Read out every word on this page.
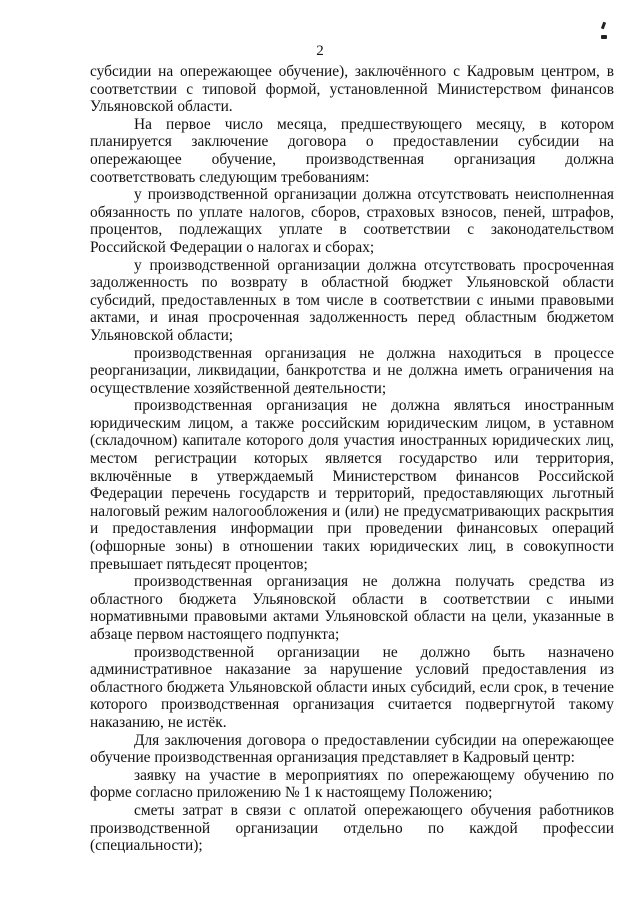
2

субсидии на опережающее обучение), заключённого с Кадровым центром, в соответствии с типовой формой, установленной Министерством финансов Ульяновской области.

На первое число месяца, предшествующего месяцу, в котором планируется заключение договора о предоставлении субсидии на опережающее обучение, производственная организация должна соответствовать следующим требованиям:

у производственной организации должна отсутствовать неисполненная обязанность по уплате налогов, сборов, страховых взносов, пеней, штрафов, процентов, подлежащих уплате в соответствии с законодательством Российской Федерации о налогах и сборах;

у производственной организации должна отсутствовать просроченная задолженность по возврату в областной бюджет Ульяновской области субсидий, предоставленных в том числе в соответствии с иными правовыми актами, и иная просроченная задолженность перед областным бюджетом Ульяновской области;

производственная организация не должна находиться в процессе реорганизации, ликвидации, банкротства и не должна иметь ограничения на осуществление хозяйственной деятельности;

производственная организация не должна являться иностранным юридическим лицом, а также российским юридическим лицом, в уставном (складочном) капитале которого доля участия иностранных юридических лиц, местом регистрации которых является государство или территория, включённые в утверждаемый Министерством финансов Российской Федерации перечень государств и территорий, предоставляющих льготный налоговый режим налогообложения и (или) не предусматривающих раскрытия и предоставления информации при проведении финансовых операций (офшорные зоны) в отношении таких юридических лиц, в совокупности превышает пятьдесят процентов;

производственная организация не должна получать средства из областного бюджета Ульяновской области в соответствии с иными нормативными правовыми актами Ульяновской области на цели, указанные в абзаце первом настоящего подпункта;

производственной организации не должно быть назначено административное наказание за нарушение условий предоставления из областного бюджета Ульяновской области иных субсидий, если срок, в течение которого производственная организация считается подвергнутой такому наказанию, не истёк.

Для заключения договора о предоставлении субсидии на опережающее обучение производственная организация представляет в Кадровый центр:

заявку на участие в мероприятиях по опережающему обучению по форме согласно приложению № 1 к настоящему Положению;

сметы затрат в связи с оплатой опережающего обучения работников производственной организации отдельно по каждой профессии (специальности);
